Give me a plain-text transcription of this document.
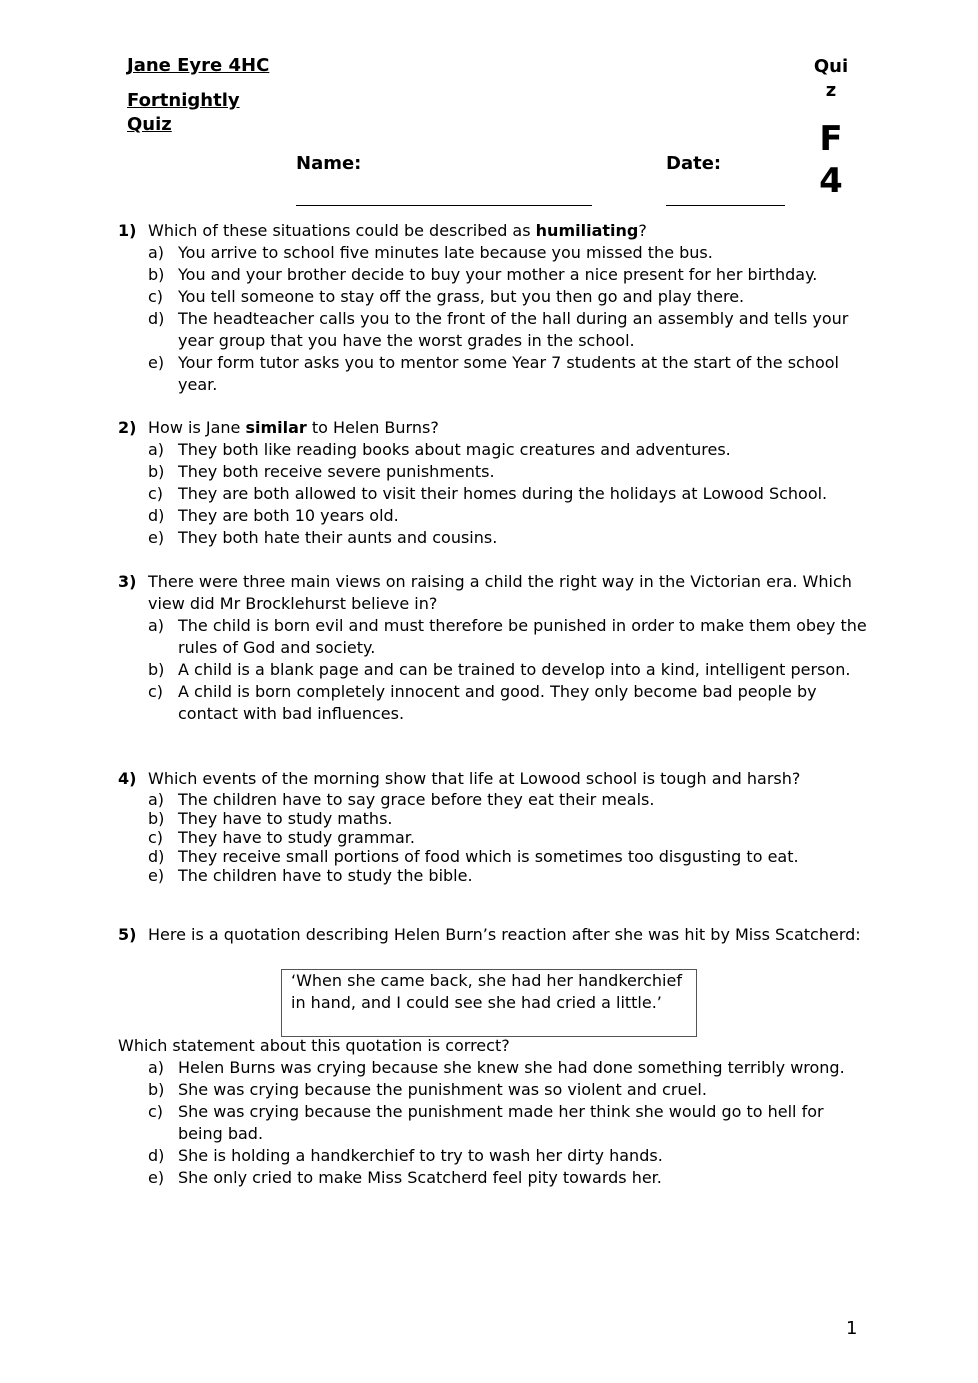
Jane Eyre 4HC
Fortnightly
Quiz
Qui
z
F
4
Name:	Date:
1) Which of these situations could be described as humiliating?
a) You arrive to school five minutes late because you missed the bus.
b) You and your brother decide to buy your mother a nice present for her birthday.
c) You tell someone to stay off the grass, but you then go and play there.
d) The headteacher calls you to the front of the hall during an assembly and tells your year group that you have the worst grades in the school.
e) Your form tutor asks you to mentor some Year 7 students at the start of the school year.
2) How is Jane similar to Helen Burns?
a) They both like reading books about magic creatures and adventures.
b) They both receive severe punishments.
c) They are both allowed to visit their homes during the holidays at Lowood School.
d) They are both 10 years old.
e) They both hate their aunts and cousins.
3) There were three main views on raising a child the right way in the Victorian era. Which view did Mr Brocklehurst believe in?
a) The child is born evil and must therefore be punished in order to make them obey the rules of God and society.
b) A child is a blank page and can be trained to develop into a kind, intelligent person.
c) A child is born completely innocent and good. They only become bad people by contact with bad influences.
4) Which events of the morning show that life at Lowood school is tough and harsh?
a) The children have to say grace before they eat their meals.
b) They have to study maths.
c) They have to study grammar.
d) They receive small portions of food which is sometimes too disgusting to eat.
e) The children have to study the bible.
5) Here is a quotation describing Helen Burn’s reaction after she was hit by Miss Scatcherd:
‘When she came back, she had her handkerchief in hand, and I could see she had cried a little.’
Which statement about this quotation is correct?
a) Helen Burns was crying because she knew she had done something terribly wrong.
b) She was crying because the punishment was so violent and cruel.
c) She was crying because the punishment made her think she would go to hell for being bad.
d) She is holding a handkerchief to try to wash her dirty hands.
e) She only cried to make Miss Scatcherd feel pity towards her.
1
